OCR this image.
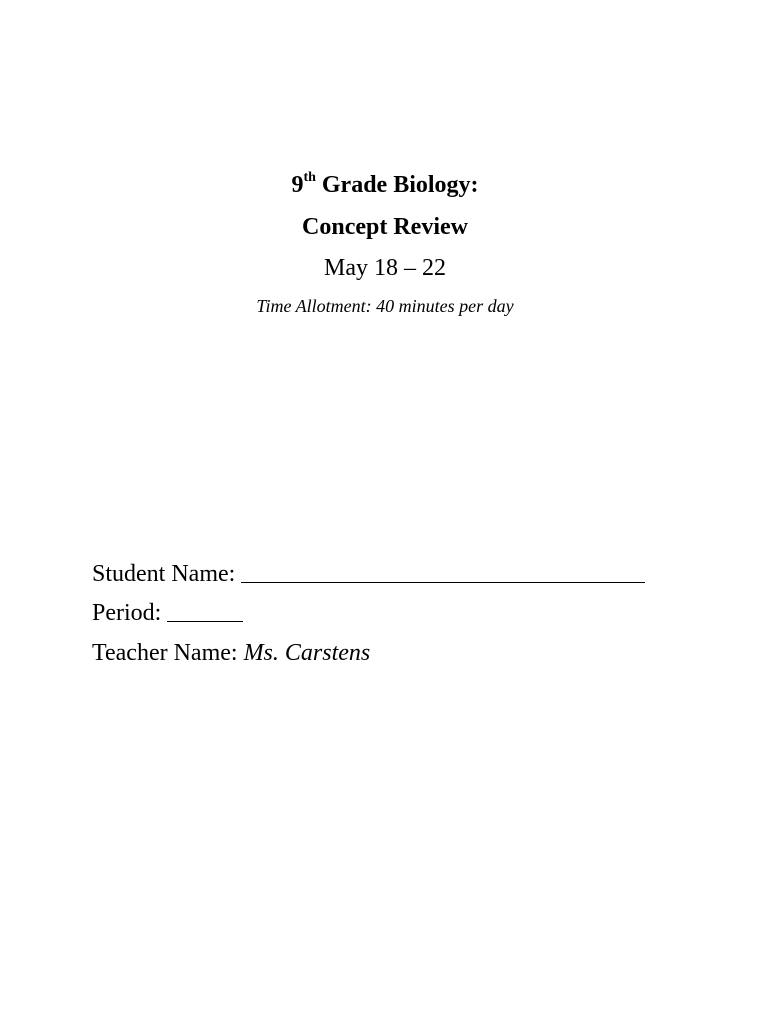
9th Grade Biology:
Concept Review
May 18 – 22
Time Allotment: 40 minutes per day
Student Name:
Period:
Teacher Name: Ms. Carstens
